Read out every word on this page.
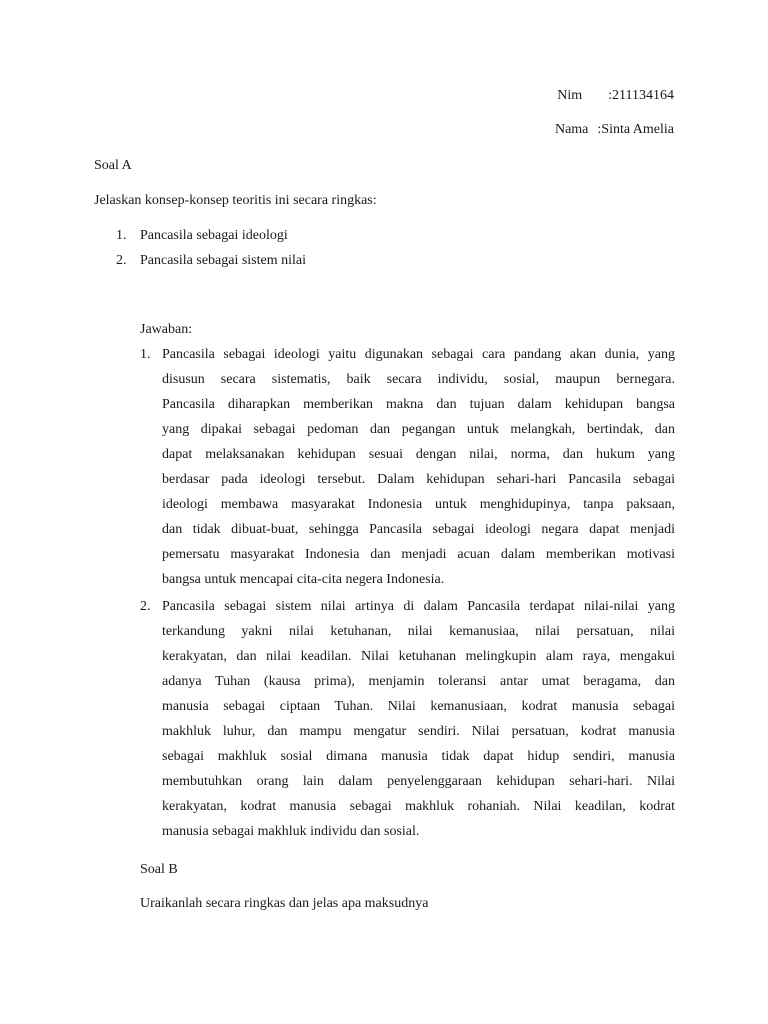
Nim :211134164
Nama :Sinta Amelia
Soal A
Jelaskan konsep-konsep teoritis ini secara ringkas:
1. Pancasila sebagai ideologi
2. Pancasila sebagai sistem nilai
Jawaban:
1. Pancasila sebagai ideologi yaitu digunakan sebagai cara pandang akan dunia, yang
disusun secara sistematis, baik secara individu, sosial, maupun bernegara.
Pancasila diharapkan memberikan makna dan tujuan dalam kehidupan bangsa
yang dipakai sebagai pedoman dan pegangan untuk melangkah, bertindak, dan
dapat melaksanakan kehidupan sesuai dengan nilai, norma, dan hukum yang
berdasar pada ideologi tersebut. Dalam kehidupan sehari-hari Pancasila sebagai
ideologi membawa masyarakat Indonesia untuk menghidupinya, tanpa paksaan,
dan tidak dibuat-buat, sehingga Pancasila sebagai ideologi negara dapat menjadi
pemersatu masyarakat Indonesia dan menjadi acuan dalam memberikan motivasi
bangsa untuk mencapai cita-cita negera Indonesia.
2. Pancasila sebagai sistem nilai artinya di dalam Pancasila terdapat nilai-nilai yang
terkandung yakni nilai ketuhanan, nilai kemanusiaa, nilai persatuan, nilai
kerakyatan, dan nilai keadilan. Nilai ketuhanan melingkupin alam raya, mengakui
adanya Tuhan (kausa prima), menjamin toleransi antar umat beragama, dan
manusia sebagai ciptaan Tuhan. Nilai kemanusiaan, kodrat manusia sebagai
makhluk luhur, dan mampu mengatur sendiri. Nilai persatuan, kodrat manusia
sebagai makhluk sosial dimana manusia tidak dapat hidup sendiri, manusia
membutuhkan orang lain dalam penyelenggaraan kehidupan sehari-hari. Nilai
kerakyatan, kodrat manusia sebagai makhluk rohaniah. Nilai keadilan, kodrat
manusia sebagai makhluk individu dan sosial.
Soal B
Uraikanlah secara ringkas dan jelas apa maksudnya
